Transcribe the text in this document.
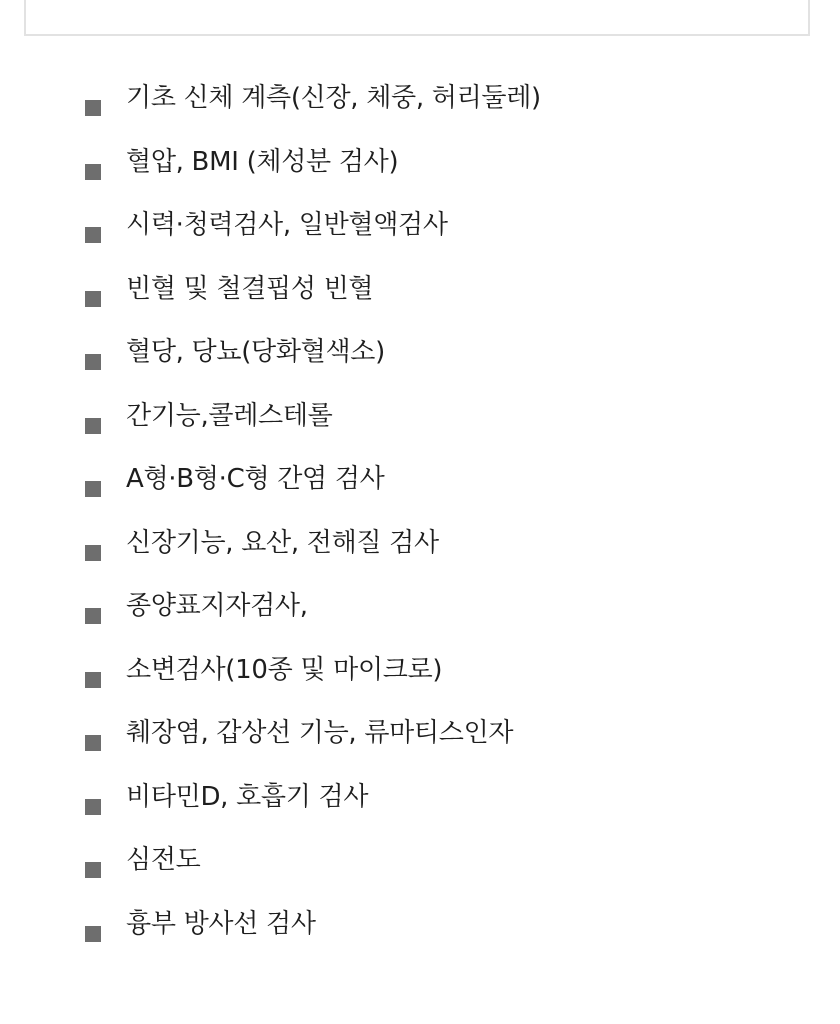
기초 신체 계측(신장, 체중, 허리둘레)
혈압, BMI (체성분 검사)
시력·청력검사, 일반혈액검사
빈혈 및 철결핍성 빈혈
혈당, 당뇨(당화혈색소)
간기능,콜레스테롤
A형·B형·C형 간염 검사
신장기능, 요산, 전해질 검사
종양표지자검사,
소변검사(10종 및 마이크로)
췌장염, 갑상선 기능, 류마티스인자
비타민D, 호흡기 검사
심전도
흉부 방사선 검사
